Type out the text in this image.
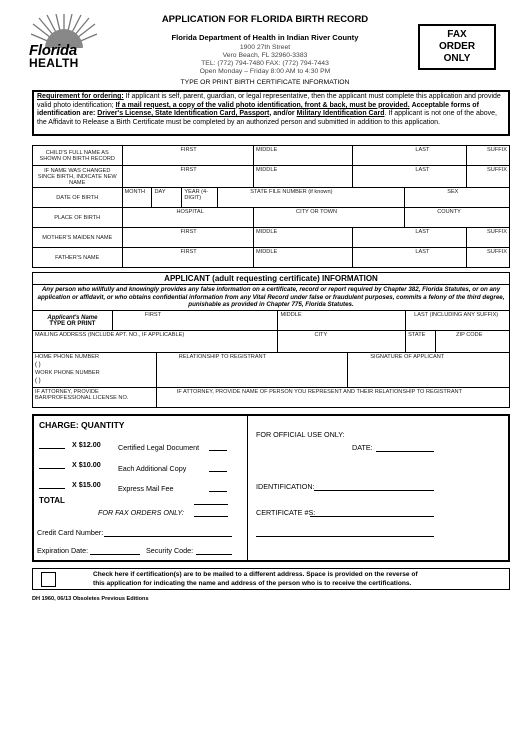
Florida
HEALTH
APPLICATION FOR FLORIDA BIRTH RECORD
Florida Department of Health in Indian River County
1900 27th Street
Vero Beach, FL 32960-3383
TEL: (772) 794-7480 FAX: (772) 794-7443
Open Monday – Friday 8:00 AM to 4:30 PM
TYPE OR PRINT BIRTH CERTIFICATE INFORMATION
FAX
ORDER
ONLY
Requirement for ordering: If applicant is self, parent, guardian, or legal representative, then the applicant must complete this application and provide valid photo identification; If a mail request, a copy of the valid photo identification, front & back, must be provided. Acceptable forms of identification are: Driver's License, State Identification Card, Passport, and/or Military Identification Card. If applicant is not one of the above, the Affidavit to Release a Birth Certificate must be completed by an authorized person and submitted in addition to this application.
CHILD'S FULL NAME AS SHOWN ON BIRTH RECORD	FIRST				MIDDLE	LAST		SUFFIX
IF NAME WAS CHANGED SINCE BIRTH, INDICATE NEW NAME	FIRST				MIDDLE	LAST		SUFFIX
DATE OF BIRTH	MONTH	DAY	YEAR (4-DIGIT)	STATE FILE NUMBER (if known)			SEX	
PLACE OF BIRTH	HOSPITAL				CITY OR TOWN		COUNTY	
MOTHER'S MAIDEN NAME	FIRST				MIDDLE	LAST		SUFFIX
FATHER'S NAME	FIRST				MIDDLE	LAST		SUFFIX
APPLICANT (adult requesting certificate) INFORMATION						
Any person who willfully and knowingly provides any false information on a certificate, record or report required by Chapter 382, Florida Statutes, or on any application or affidavit, or who obtains confidential information from any Vital Record under false or fraudulent purposes, commits a felony of the third degree, punishable as provided in Chapter 775, Florida Statutes.						
Applicant's Name
TYPE OR PRINT	FIRST		MIDDLE		LAST (INCLUDING ANY SUFFIX)	
MAILING ADDRESS (INCLUDE APT. NO., IF APPLICABLE)			CITY		STATE	ZIP CODE

HOME PHONE NUMBER
( )
WORK PHONE NUMBER
( )		RELATIONSHIP TO REGISTRANT		SIGNATURE OF APPLICANT		
IF ATTORNEY, PROVIDE BAR/PROFESSIONAL LICENSE NO.		IF ATTORNEY, PROVIDE NAME OF PERSON YOU REPRESENT AND THEIR RELATIONSHIP TO REGISTRANT				
CHARGE: QUANTITY
X $12.00 Certified Legal Document
X $10.00 Each Additional Copy
X $15.00 Express Mail Fee
TOTAL
FOR FAX ORDERS ONLY:
Credit Card Number:
Expiration Date:	Security Code:
FOR OFFICIAL USE ONLY:
DATE:
IDENTIFICATION:
CERTIFICATE #S:
Check here if certification(s) are to be mailed to a different address. Space is provided on the reverse of
this application for indicating the name and address of the person who is to receive the certifications.
DH 1960, 06/13 Obsoletes Previous Editions
